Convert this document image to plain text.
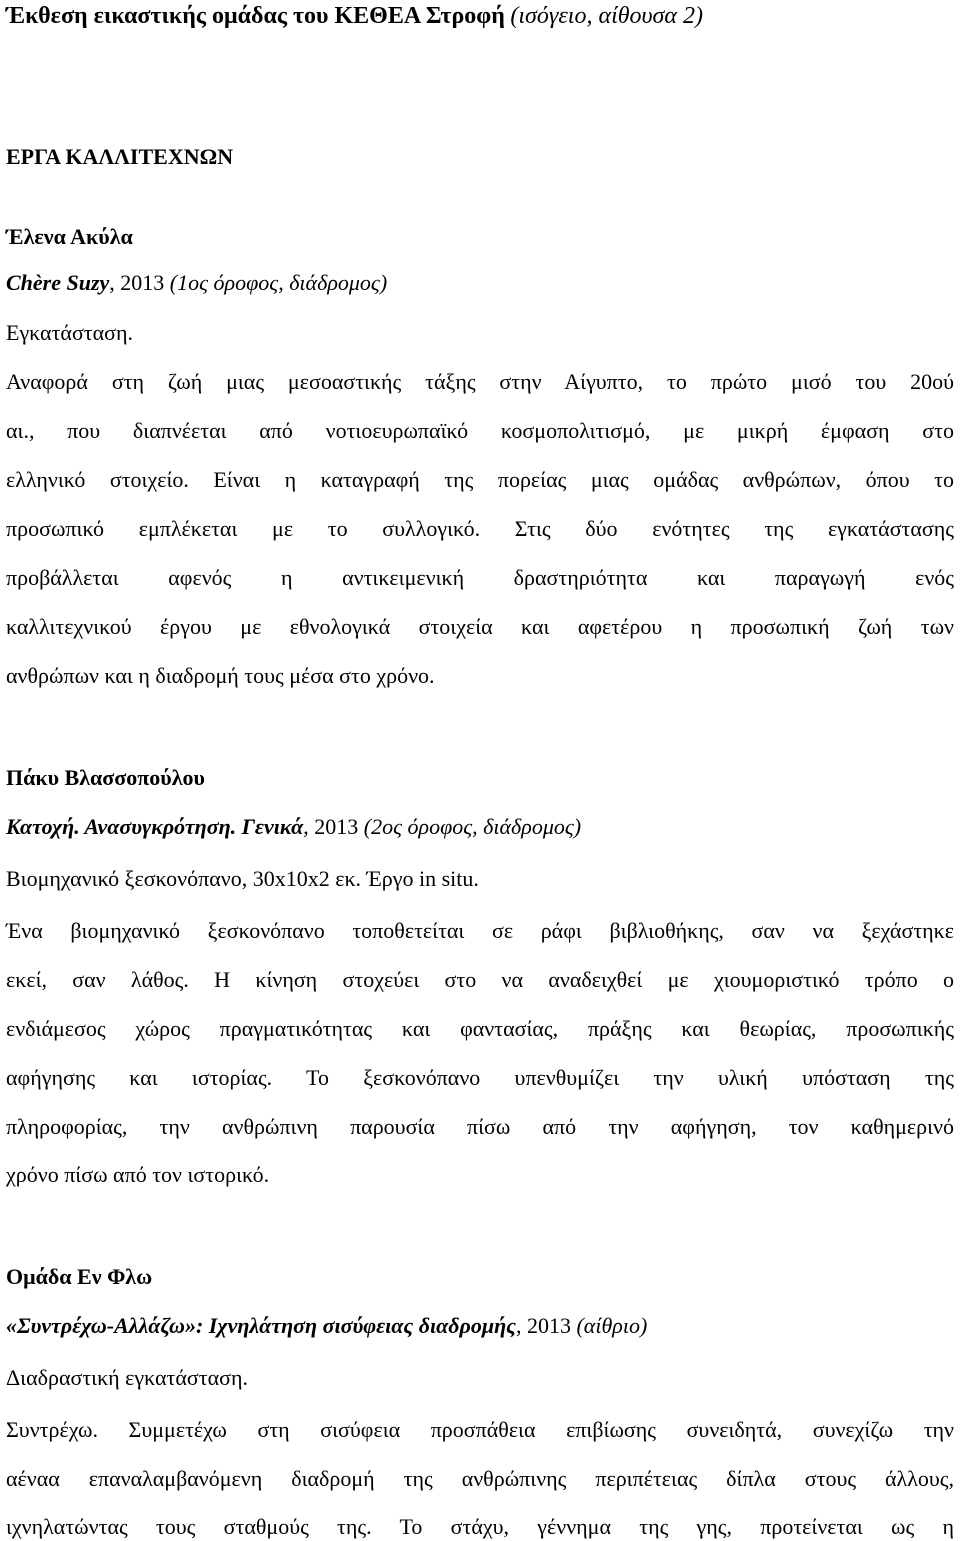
Έκθεση εικαστικής ομάδας του ΚΕΘΕΑ Στροφή (ισόγειο, αίθουσα 2)
ΕΡΓΑ ΚΑΛΛΙΤΕΧΝΩΝ
Έλενα Ακύλα
Chère Suzy, 2013 (1ος όροφος, διάδρομος)
Εγκατάσταση.
Αναφορά στη ζωή μιας μεσοαστικής τάξης στην Αίγυπτο, το πρώτο μισό του 20ού
αι., που διαπνέεται από νοτιοευρωπαϊκό κοσμοπολιτισμό, με μικρή έμφαση στο
ελληνικό στοιχείο. Είναι η καταγραφή της πορείας μιας ομάδας ανθρώπων, όπου το
προσωπικό εμπλέκεται με το συλλογικό. Στις δύο ενότητες της εγκατάστασης
προβάλλεται αφενός η αντικειμενική δραστηριότητα και παραγωγή ενός
καλλιτεχνικού έργου με εθνολογικά στοιχεία και αφετέρου η προσωπική ζωή των
ανθρώπων και η διαδρομή τους μέσα στο χρόνο.
Πάκυ Βλασσοπούλου
Κατοχή. Ανασυγκρότηση. Γενικά, 2013 (2ος όροφος, διάδρομος)
Βιομηχανικό ξεσκονόπανο, 30x10x2 εκ. Έργο in situ.
Ένα βιομηχανικό ξεσκονόπανο τοποθετείται σε ράφι βιβλιοθήκης, σαν να ξεχάστηκε
εκεί, σαν λάθος. Η κίνηση στοχεύει στο να αναδειχθεί με χιουμοριστικό τρόπο ο
ενδιάμεσος χώρος πραγματικότητας και φαντασίας, πράξης και θεωρίας, προσωπικής
αφήγησης και ιστορίας. Το ξεσκονόπανο υπενθυμίζει την υλική υπόσταση της
πληροφορίας, την ανθρώπινη παρουσία πίσω από την αφήγηση, τον καθημερινό
χρόνο πίσω από τον ιστορικό.
Ομάδα Εν Φλω
«Συντρέχω-Αλλάζω»: Ιχνηλάτηση σισύφειας διαδρομής, 2013 (αίθριο)
Διαδραστική εγκατάσταση.
Συντρέχω. Συμμετέχω στη σισύφεια προσπάθεια επιβίωσης συνειδητά, συνεχίζω την
αέναα επαναλαμβανόμενη διαδρομή της ανθρώπινης περιπέτειας δίπλα στους άλλους,
ιχνηλατώντας τους σταθμούς της. Το στάχυ, γέννημα της γης, προτείνεται ως η
